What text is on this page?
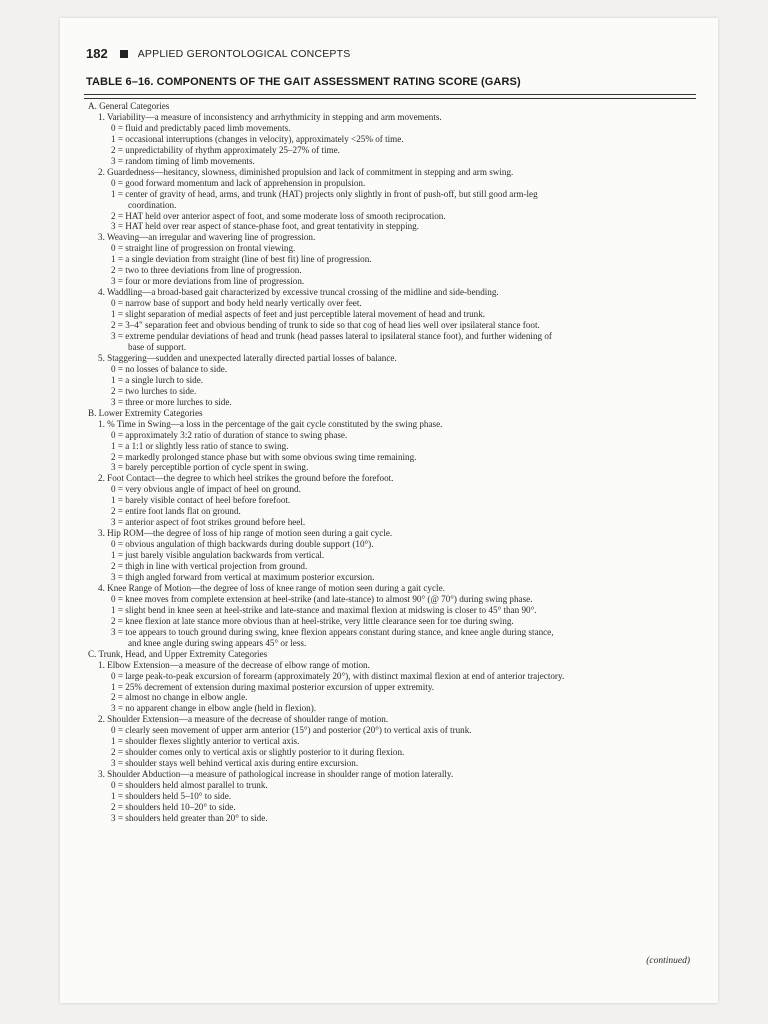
182	APPLIED GERONTOLOGICAL CONCEPTS
TABLE 6–16. COMPONENTS OF THE GAIT ASSESSMENT RATING SCORE (GARS)
A. General Categories
1. Variability—a measure of inconsistency and arrhythmicity in stepping and arm movements.
0 = fluid and predictably paced limb movements.
1 = occasional interruptions (changes in velocity), approximately <25% of time.
2 = unpredictability of rhythm approximately 25–27% of time.
3 = random timing of limb movements.
2. Guardedness—hesitancy, slowness, diminished propulsion and lack of commitment in stepping and arm swing.
0 = good forward momentum and lack of apprehension in propulsion.
1 = center of gravity of head, arms, and trunk (HAT) projects only slightly in front of push-off, but still good arm-leg
coordination.
2 = HAT held over anterior aspect of foot, and some moderate loss of smooth reciprocation.
3 = HAT held over rear aspect of stance-phase foot, and great tentativity in stepping.
3. Weaving—an irregular and wavering line of progression.
0 = straight line of progression on frontal viewing.
1 = a single deviation from straight (line of best fit) line of progression.
2 = two to three deviations from line of progression.
3 = four or more deviations from line of progression.
4. Waddling—a broad-based gait characterized by excessive truncal crossing of the midline and side-bending.
0 = narrow base of support and body held nearly vertically over feet.
1 = slight separation of medial aspects of feet and just perceptible lateral movement of head and trunk.
2 = 3–4" separation feet and obvious bending of trunk to side so that cog of head lies well over ipsilateral stance foot.
3 = extreme pendular deviations of head and trunk (head passes lateral to ipsilateral stance foot), and further widening of
base of support.
5. Staggering—sudden and unexpected laterally directed partial losses of balance.
0 = no losses of balance to side.
1 = a single lurch to side.
2 = two lurches to side.
3 = three or more lurches to side.
B. Lower Extremity Categories
1. % Time in Swing—a loss in the percentage of the gait cycle constituted by the swing phase.
0 = approximately 3:2 ratio of duration of stance to swing phase.
1 = a 1:1 or slightly less ratio of stance to swing.
2 = markedly prolonged stance phase but with some obvious swing time remaining.
3 = barely perceptible portion of cycle spent in swing.
2. Foot Contact—the degree to which heel strikes the ground before the forefoot.
0 = very obvious angle of impact of heel on ground.
1 = barely visible contact of heel before forefoot.
2 = entire foot lands flat on ground.
3 = anterior aspect of foot strikes ground before heel.
3. Hip ROM—the degree of loss of hip range of motion seen during a gait cycle.
0 = obvious angulation of thigh backwards during double support (10°).
1 = just barely visible angulation backwards from vertical.
2 = thigh in line with vertical projection from ground.
3 = thigh angled forward from vertical at maximum posterior excursion.
4. Knee Range of Motion—the degree of loss of knee range of motion seen during a gait cycle.
0 = knee moves from complete extension at heel-strike (and late-stance) to almost 90° (@ 70°) during swing phase.
1 = slight bend in knee seen at heel-strike and late-stance and maximal flexion at midswing is closer to 45° than 90°.
2 = knee flexion at late stance more obvious than at heel-strike, very little clearance seen for toe during swing.
3 = toe appears to touch ground during swing, knee flexion appears constant during stance, and knee angle during stance,
and knee angle during swing appears 45° or less.
C. Trunk, Head, and Upper Extremity Categories
1. Elbow Extension—a measure of the decrease of elbow range of motion.
0 = large peak-to-peak excursion of forearm (approximately 20°), with distinct maximal flexion at end of anterior trajectory.
1 = 25% decrement of extension during maximal posterior excursion of upper extremity.
2 = almost no change in elbow angle.
3 = no apparent change in elbow angle (held in flexion).
2. Shoulder Extension—a measure of the decrease of shoulder range of motion.
0 = clearly seen movement of upper arm anterior (15°) and posterior (20°) to vertical axis of trunk.
1 = shoulder flexes slightly anterior to vertical axis.
2 = shoulder comes only to vertical axis or slightly posterior to it during flexion.
3 = shoulder stays well behind vertical axis during entire excursion.
3. Shoulder Abduction—a measure of pathological increase in shoulder range of motion laterally.
0 = shoulders held almost parallel to trunk.
1 = shoulders held 5–10° to side.
2 = shoulders held 10–20° to side.
3 = shoulders held greater than 20° to side.
(continued)
